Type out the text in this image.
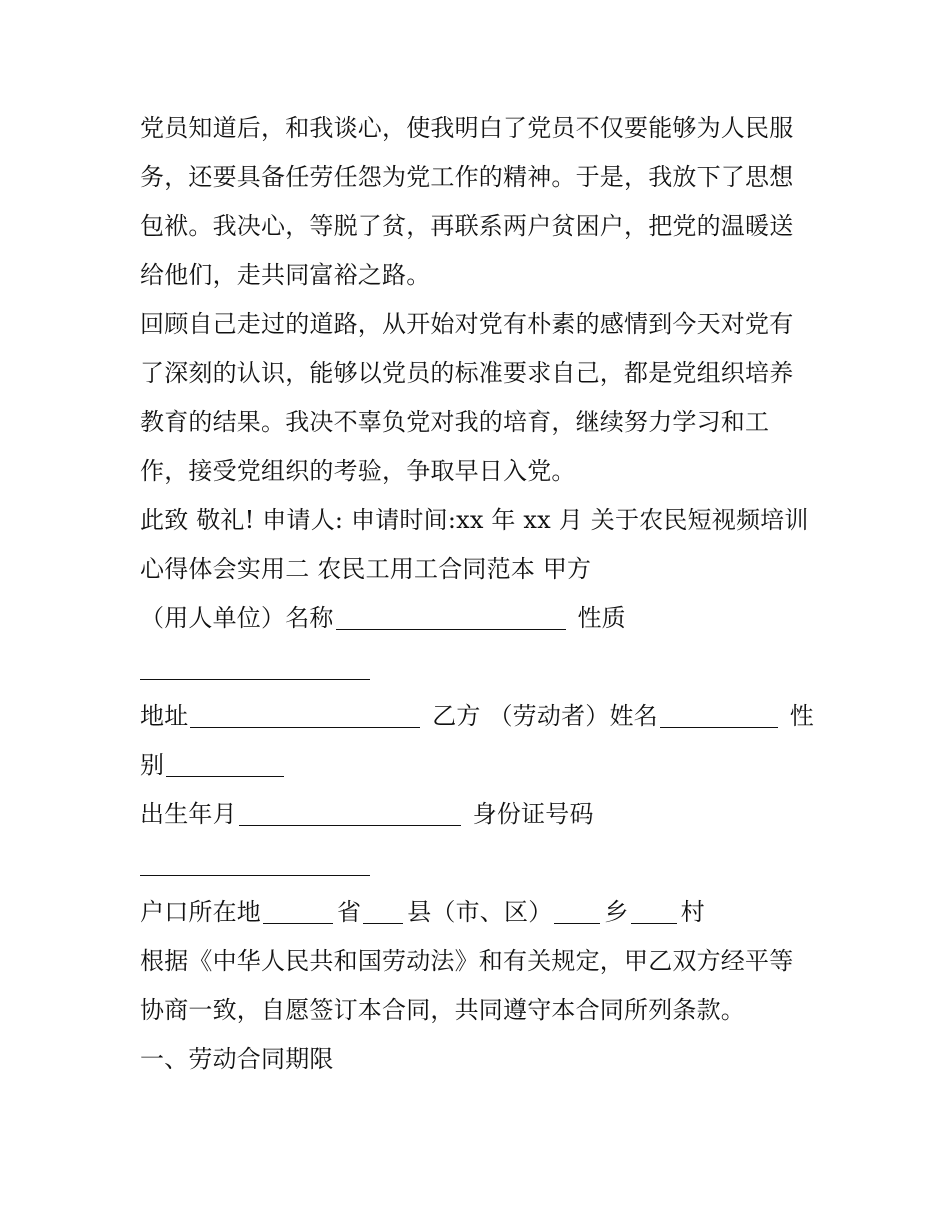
党员知道后，和我谈心，使我明白了党员不仅要能够为人民服
务，还要具备任劳任怨为党工作的精神。于是，我放下了思想
包袱。我决心，等脱了贫，再联系两户贫困户，把党的温暖送
给他们，走共同富裕之路。
回顾自己走过的道路，从开始对党有朴素的感情到今天对党有
了深刻的认识，能够以党员的标准要求自己，都是党组织培养
教育的结果。我决不辜负党对我的培育，继续努力学习和工
作，接受党组织的考验，争取早日入党。
此致 敬礼! 申请人: 申请时间:xx 年 xx 月 关于农民短视频培训
心得体会实用二 农民工用工合同范本 甲方
（用人单位）名称	性质
地址	乙方 （劳动者）姓名	性
别
出生年月	身份证号码
户口所在地	省 县（市、区） 乡 村
根据《中华人民共和国劳动法》和有关规定，甲乙双方经平等
协商一致，自愿签订本合同，共同遵守本合同所列条款。
一、劳动合同期限
